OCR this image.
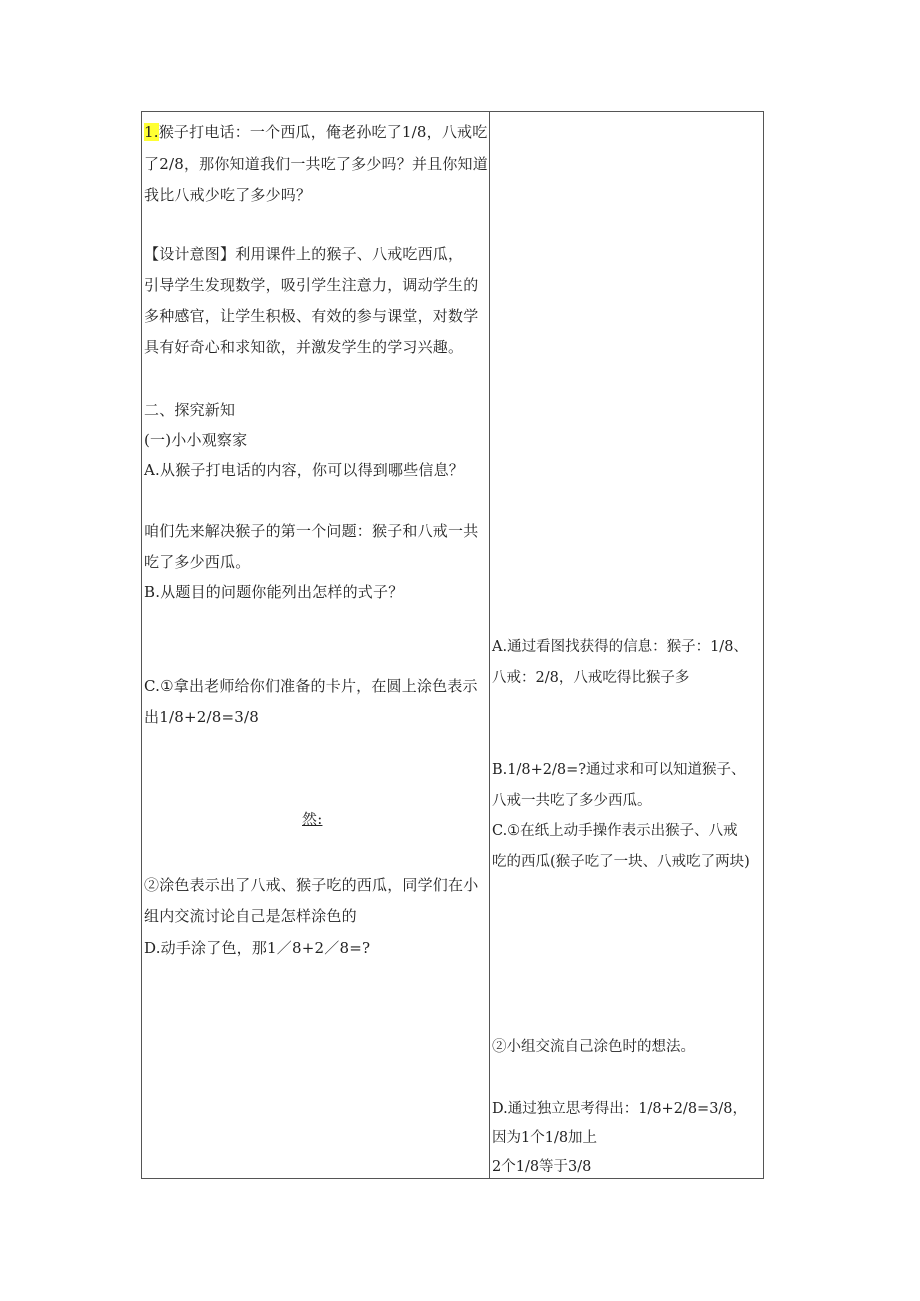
1.猴子打电话：一个西瓜，俺老孙吃了1/8，八戒吃
了2/8，那你知道我们一共吃了多少吗？并且你知道
我比八戒少吃了多少吗？
【设计意图】利用课件上的猴子、八戒吃西瓜，
引导学生发现数学，吸引学生注意力，调动学生的
多种感官，让学生积极、有效的参与课堂，对数学
具有好奇心和求知欲，并激发学生的学习兴趣。
二、探究新知
(一)小小观察家
A.从猴子打电话的内容，你可以得到哪些信息？
咱们先来解决猴子的第一个问题：猴子和八戒一共
吃了多少西瓜。
B.从题目的问题你能列出怎样的式子？
C.①拿出老师给你们准备的卡片，在圆上涂色表示
出1/8+2/8=3/8
然:
②涂色表示出了八戒、猴子吃的西瓜，同学们在小
组内交流讨论自己是怎样涂色的
D.动手涂了色，那1／8+2／8=?
A.通过看图找获得的信息：猴子：1/8、
八戒：2/8，八戒吃得比猴子多
B.1/8+2/8=?通过求和可以知道猴子、
八戒一共吃了多少西瓜。
C.①在纸上动手操作表示出猴子、八戒
吃的西瓜(猴子吃了一块、八戒吃了两块)
②小组交流自己涂色时的想法。
D.通过独立思考得出：1/8+2/8=3/8，
因为1个1/8加上
2个1/8等于3/8
